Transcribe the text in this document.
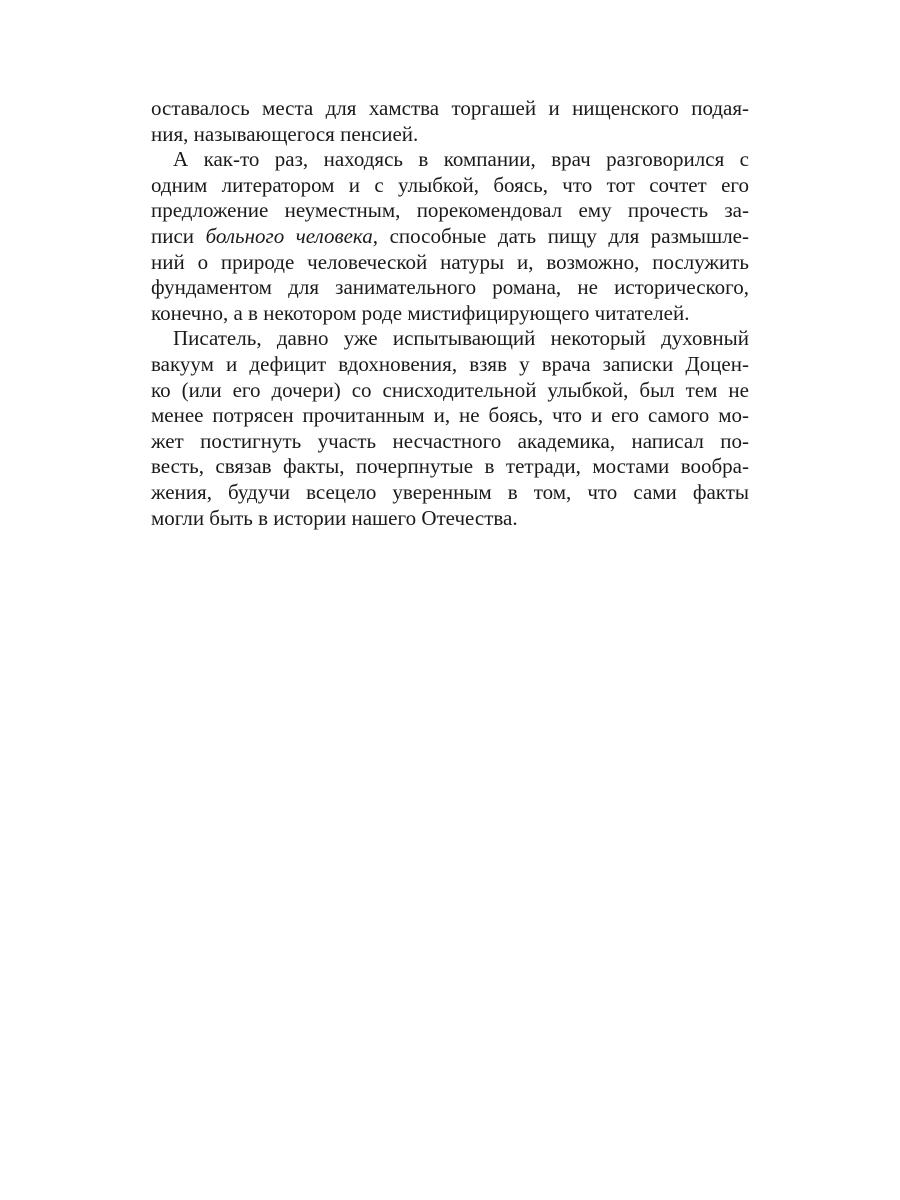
оставалось места для хамства торгашей и нищенского подая-
ния, называющегося пенсией.
А как-то раз, находясь в компании, врач разговорился с
одним литератором и с улыбкой, боясь, что тот сочтет его
предложение неуместным, порекомендовал ему прочесть за-
писи больного человека, способные дать пищу для размышле-
ний о природе человеческой натуры и, возможно, послужить
фундаментом для занимательного романа, не исторического,
конечно, а в некотором роде мистифицирующего читателей.
Писатель, давно уже испытывающий некоторый духовный
вакуум и дефицит вдохновения, взяв у врача записки Доцен-
ко (или его дочери) со снисходительной улыбкой, был тем не
менее потрясен прочитанным и, не боясь, что и его самого мо-
жет постигнуть участь несчастного академика, написал по-
весть, связав факты, почерпнутые в тетради, мостами вообра-
жения, будучи всецело уверенным в том, что сами факты
могли быть в истории нашего Отечества.
